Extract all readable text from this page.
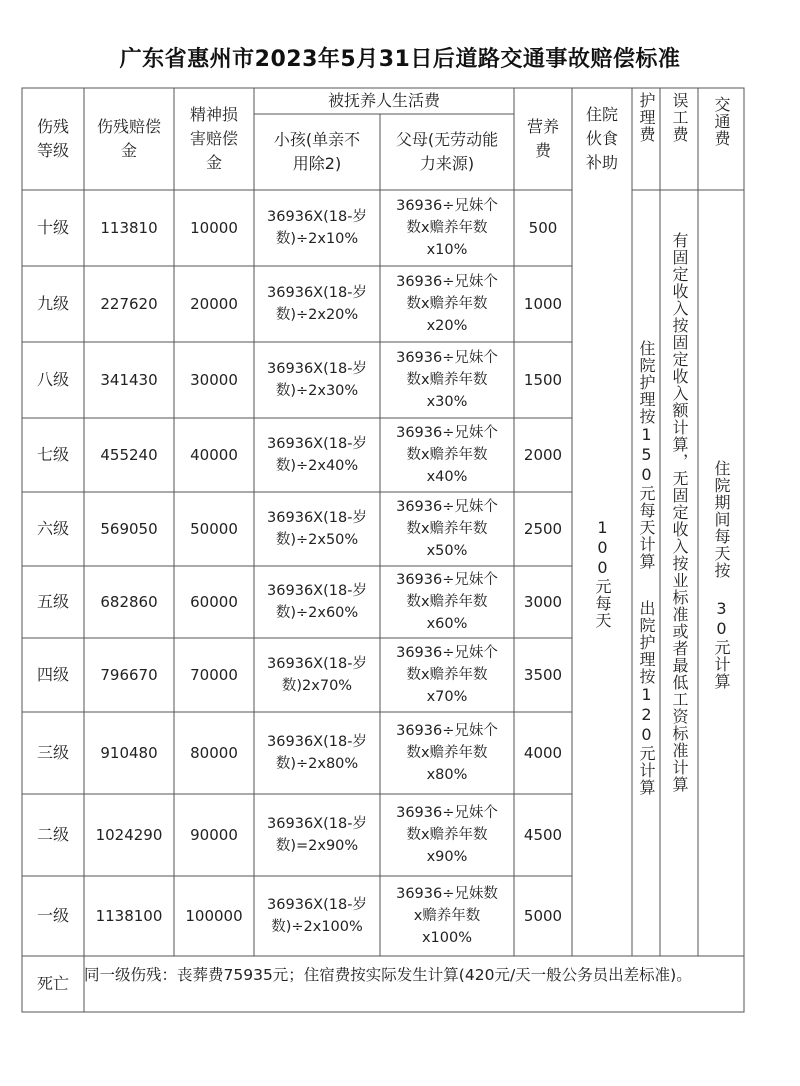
广东省惠州市2023年5月31日后道路交通事故赔偿标准
伤残等级
伤残赔偿金
精神损害赔偿金
被抚养人生活费
小孩(单亲不用除2)
父母(无劳动能力来源)
营养费
住院伙食补助
护理费 误工费	交通费
十级 113810 10000
36936X(18-岁数)÷2x10%
36936÷兄妹个数x赡养年数x10%
500
九级 227620 20000
36936X(18-岁数)÷2x20%
36936÷兄妹个数x赡养年数x20%
1000
八级 341430 30000
36936X(18-岁数)÷2x30%
36936÷兄妹个数x赡养年数x30%
1500
七级 455240 40000
36936X(18-岁数)÷2x40%
36936÷兄妹个数x赡养年数x40%
2000
六级 569050 50000
36936X(18-岁数)÷2x50%
36936÷兄妹个数x赡养年数x50%
2500
五级 682860 60000
36936X(18-岁数)÷2x60%
36936÷兄妹个数x赡养年数x60%
3000
四级 796670 70000
36936X(18-岁数)2x70%
36936÷兄妹个数x赡养年数x70%
3500
三级 910480 80000
36936X(18-岁数)÷2x80%
36936÷兄妹个数x赡养年数x80%
4000
二级 1024290 90000
36936X(18-岁数)=2x90%
36936÷兄妹个数x赡养年数x90%
4500
一级 1138100 100000
36936X(18-岁数)÷2x100%
36936÷兄妹数x赡养年数x100%
5000
100元每天
住院护理按150元每天计算
出院护理按120元计算 有固定收入按固定收入额计算，无固定收入按业标准或者最低工资标准计算	住院期间每天按 30元计算
死亡 同一级伤残：丧葬费75935元；住宿费按实际发生计算(420元/天一般公务员出差标准)。
